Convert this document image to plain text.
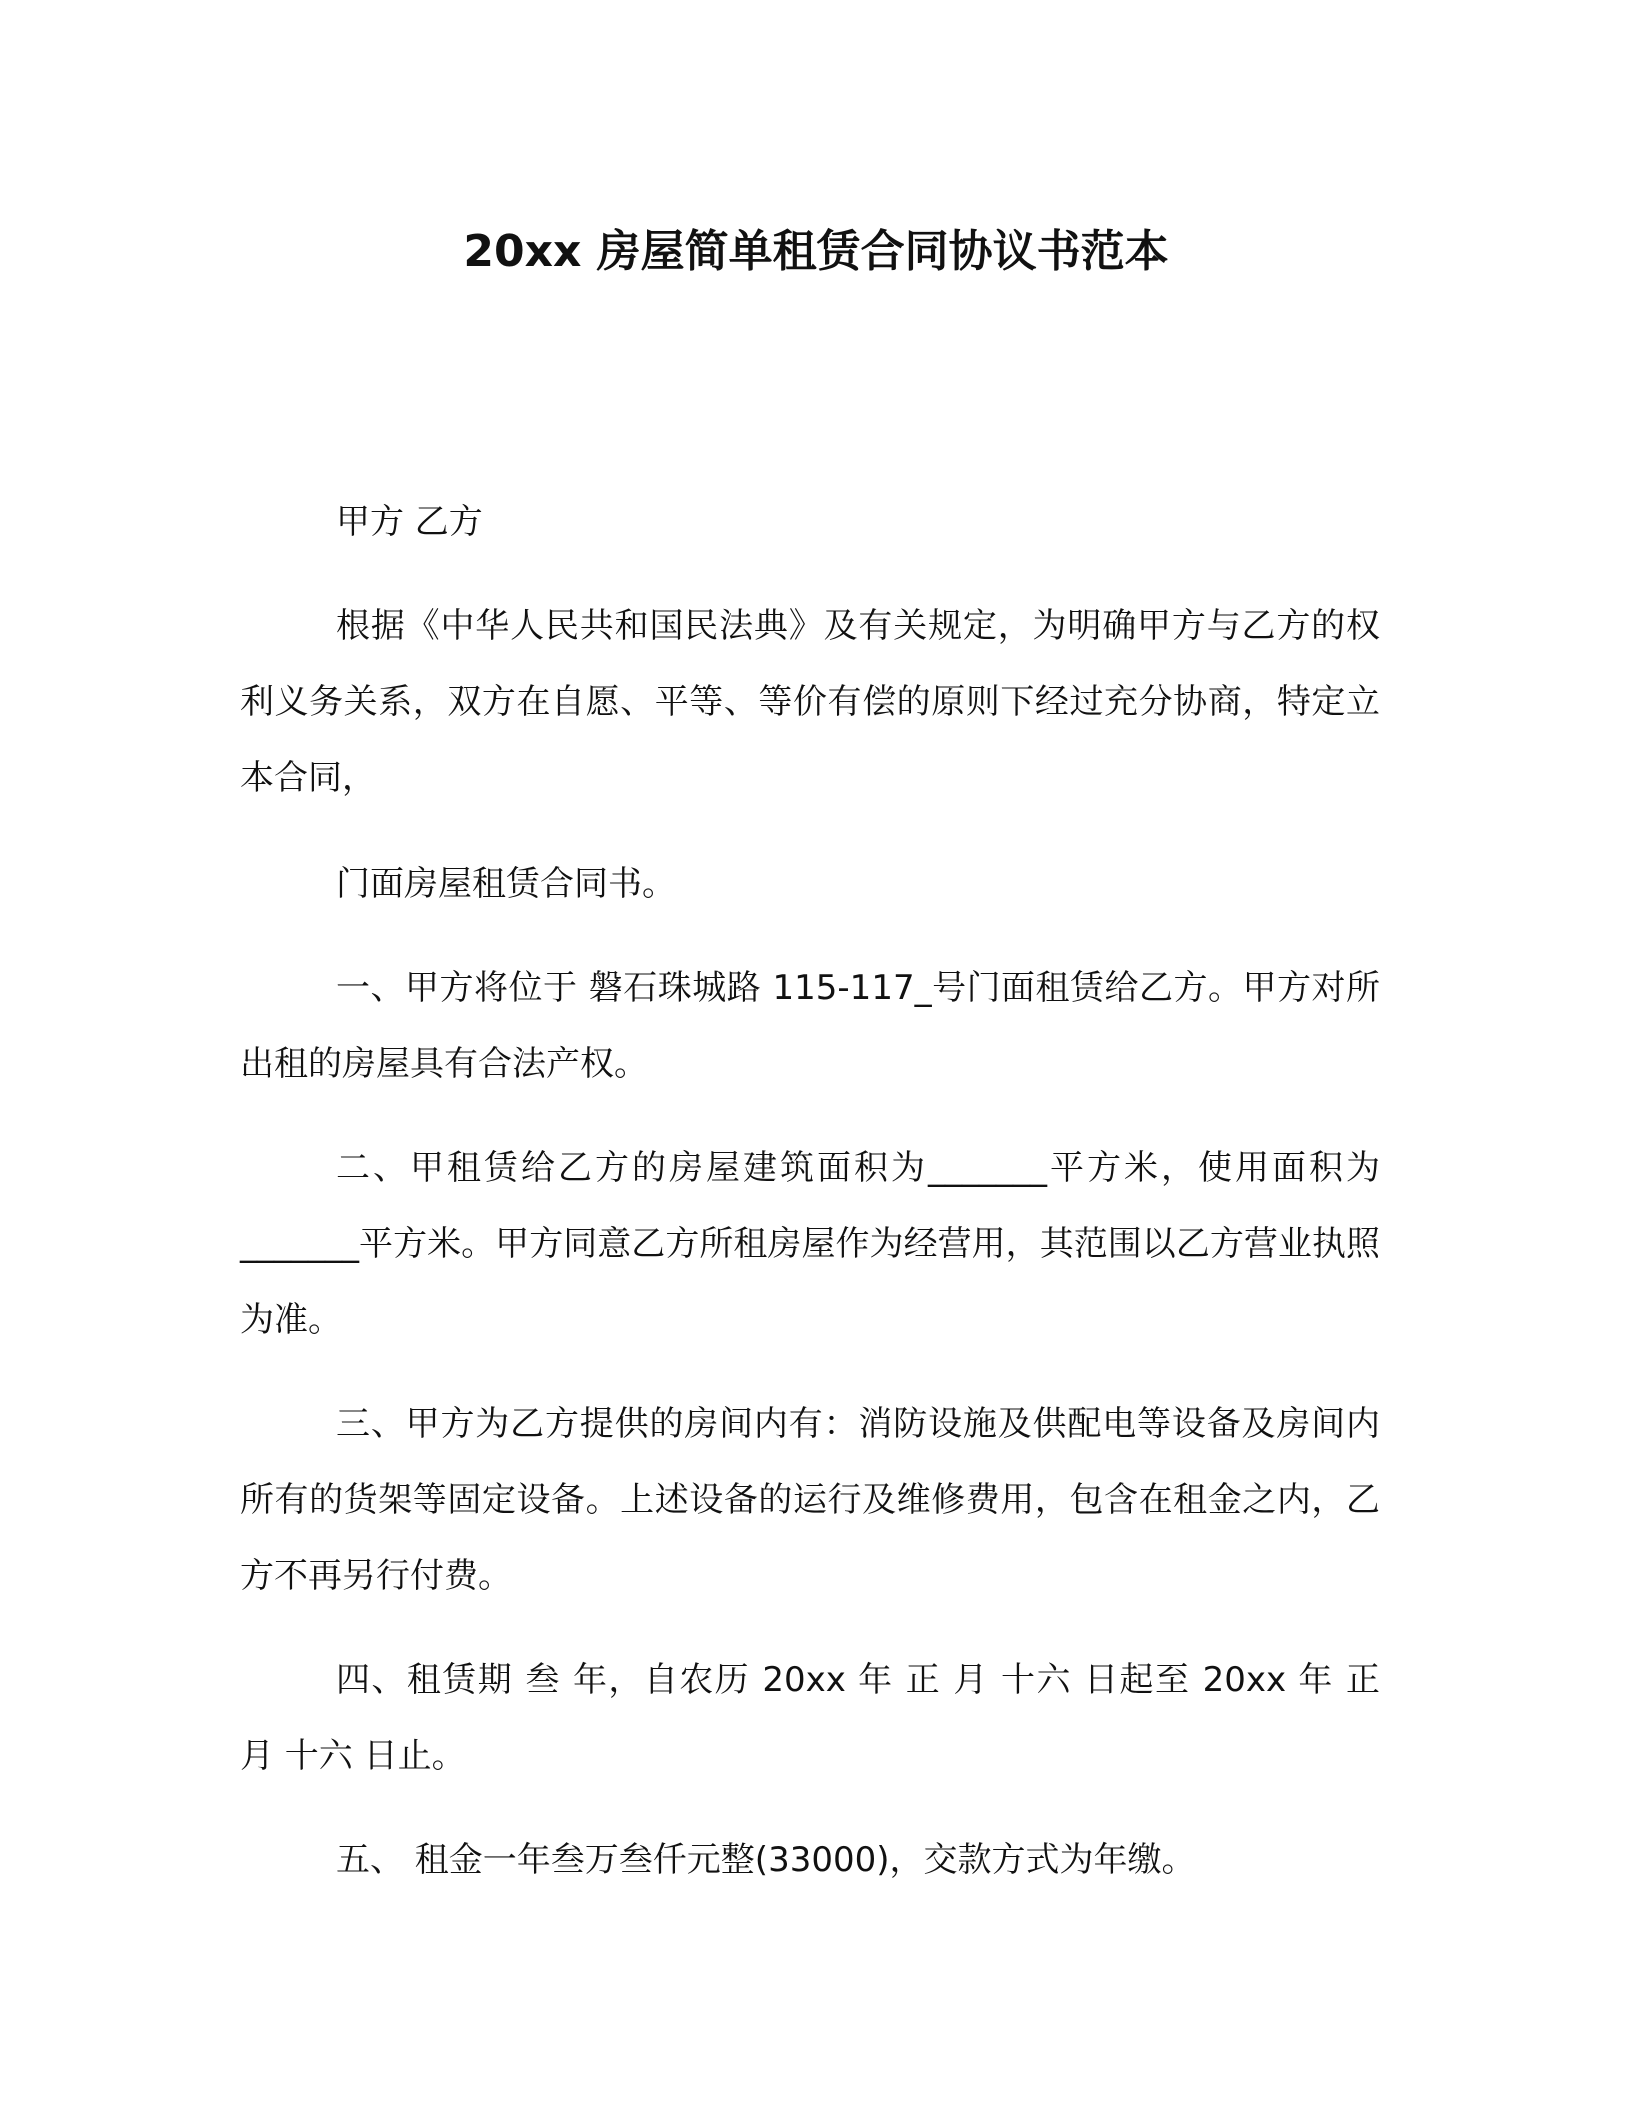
20xx 房屋简单租赁合同协议书范本

甲方 乙方

根据《中华人民共和国民法典》及有关规定，为明确甲方与乙方的权利义务关系，双方在自愿、平等、等价有偿的原则下经过充分协商，特定立本合同，

门面房屋租赁合同书。

一、甲方将位于 磐石珠城路 115-117_号门面租赁给乙方。甲方对所出租的房屋具有合法产权。

二、甲租赁给乙方的房屋建筑面积为_______平方米，使用面积为_______平方米。甲方同意乙方所租房屋作为经营用，其范围以乙方营业执照为准。

三、甲方为乙方提供的房间内有：消防设施及供配电等设备及房间内所有的货架等固定设备。上述设备的运行及维修费用，包含在租金之内，乙方不再另行付费。

四、租赁期 叁 年，自农历 20xx 年 正 月 十六 日起至 20xx 年 正 月 十六 日止。

五、 租金一年叁万叁仟元整(33000)，交款方式为年缴。
